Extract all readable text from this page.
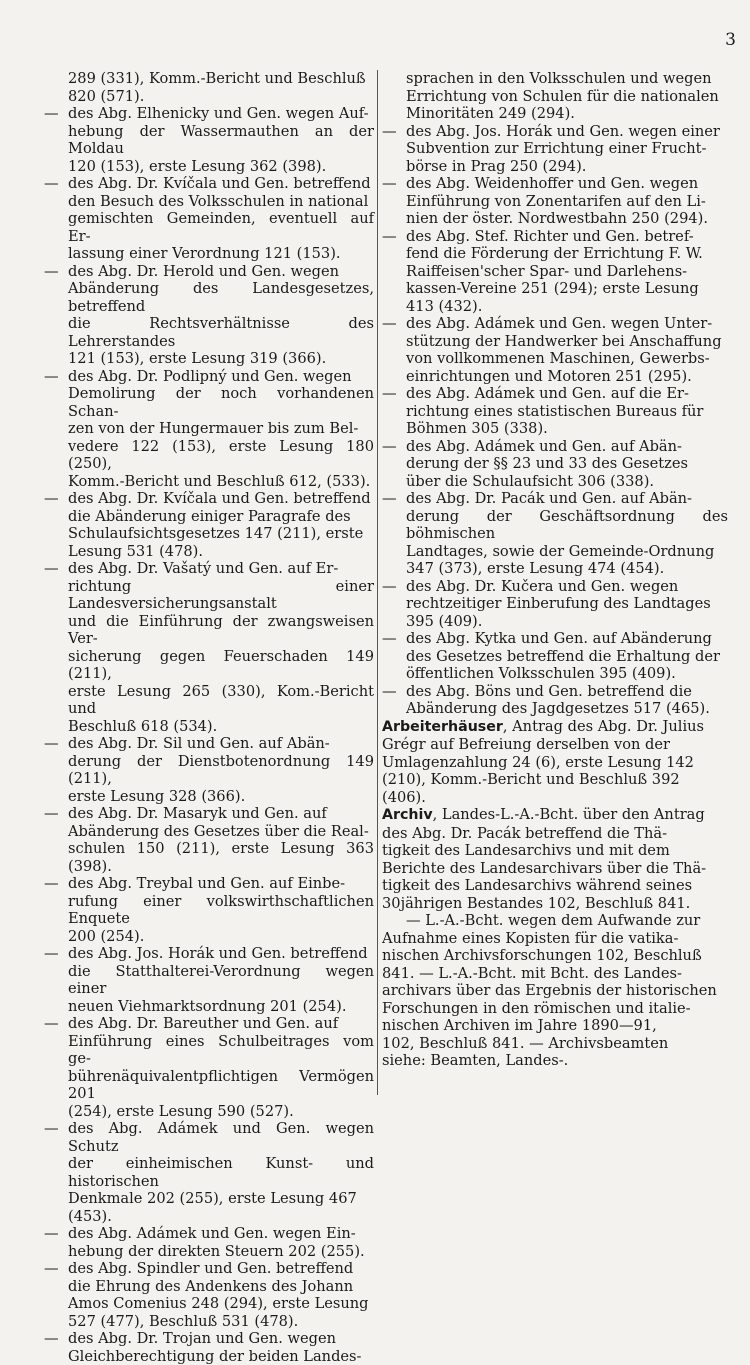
3
289 (331), Komm.-Bericht und Beschluß
820 (571).
— des Abg. Elhenicky und Gen. wegen Auf-
hebung der Wassermauthen an der Moldau
120 (153), erste Lesung 362 (398).
— des Abg. Dr. Kvíčala und Gen. betreffend
den Besuch des Volksschulen in national
gemischten Gemeinden, eventuell auf Er-
lassung einer Verordnung 121 (153).
— des Abg. Dr. Herold und Gen. wegen
Abänderung des Landesgesetzes, betreffend
die Rechtsverhältnisse des Lehrerstandes
121 (153), erste Lesung 319 (366).
— des Abg. Dr. Podlipný und Gen. wegen
Demolirung der noch vorhandenen Schan-
zen von der Hungermauer bis zum Bel-
vedere 122 (153), erste Lesung 180 (250),
Komm.-Bericht und Beschluß 612, (533).
— des Abg. Dr. Kvíčala und Gen. betreffend
die Abänderung einiger Paragrafe des
Schulaufsichtsgesetzes 147 (211), erste
Lesung 531 (478).
— des Abg. Dr. Vašatý und Gen. auf Er-
richtung einer Landesversicherungsanstalt
und die Einführung der zwangsweisen Ver-
sicherung gegen Feuerschaden 149 (211),
erste Lesung 265 (330), Kom.-Bericht und
Beschluß 618 (534).
— des Abg. Dr. Sil und Gen. auf Abän-
derung der Dienstbotenordnung 149 (211),
erste Lesung 328 (366).
— des Abg. Dr. Masaryk und Gen. auf
Abänderung des Gesetzes über die Real-
schulen 150 (211), erste Lesung 363 (398).
— des Abg. Treybal und Gen. auf Einbe-
rufung einer volkswirthschaftlichen Enquete
200 (254).
— des Abg. Jos. Horák und Gen. betreffend
die Statthalterei-Verordnung wegen einer
neuen Viehmarktsordnung 201 (254).
— des Abg. Dr. Bareuther und Gen. auf
Einführung eines Schulbeitrages vom ge-
bührenäquivalentpflichtigen Vermögen 201
(254), erste Lesung 590 (527).
— des Abg. Adámek und Gen. wegen Schutz
der einheimischen Kunst- und historischen
Denkmale 202 (255), erste Lesung 467
(453).
— des Abg. Adámek und Gen. wegen Ein-
hebung der direkten Steuern 202 (255).
— des Abg. Spindler und Gen. betreffend
die Ehrung des Andenkens des Johann
Amos Comenius 248 (294), erste Lesung
527 (477), Beschluß 531 (478).
— des Abg. Dr. Trojan und Gen. wegen
Gleichberechtigung der beiden Landes-
sprachen in den Volksschulen und wegen
Errichtung von Schulen für die nationalen
Minoritäten 249 (294).
— des Abg. Jos. Horák und Gen. wegen einer
Subvention zur Errichtung einer Frucht-
börse in Prag 250 (294).
— des Abg. Weidenhoffer und Gen. wegen
Einführung von Zonentarifen auf den Li-
nien der öster. Nordwestbahn 250 (294).
— des Abg. Stef. Richter und Gen. betref-
fend die Förderung der Errichtung F. W.
Raiffeisen'scher Spar- und Darlehens-
kassen-Vereine 251 (294); erste Lesung
413 (432).
— des Abg. Adámek und Gen. wegen Unter-
stützung der Handwerker bei Anschaffung
von vollkommenen Maschinen, Gewerbs-
einrichtungen und Motoren 251 (295).
— des Abg. Adámek und Gen. auf die Er-
richtung eines statistischen Bureaus für
Böhmen 305 (338).
— des Abg. Adámek und Gen. auf Abän-
derung der §§ 23 und 33 des Gesetzes
über die Schulaufsicht 306 (338).
— des Abg. Dr. Pacák und Gen. auf Abän-
derung der Geschäftsordnung des böhmischen
Landtages, sowie der Gemeinde-Ordnung
347 (373), erste Lesung 474 (454).
— des Abg. Dr. Kučera und Gen. wegen
rechtzeitiger Einberufung des Landtages
395 (409).
— des Abg. Kytka und Gen. auf Abänderung
des Gesetzes betreffend die Erhaltung der
öffentlichen Volksschulen 395 (409).
— des Abg. Böns und Gen. betreffend die
Abänderung des Jagdgesetzes 517 (465).
Arbeiterhäuser, Antrag des Abg. Dr. Julius
Grégr auf Befreiung derselben von der
Umlagenzahlung 24 (6), erste Lesung 142
(210), Komm.-Bericht und Beschluß 392
(406).
Archiv, Landes-L.-A.-Bcht. über den Antrag
des Abg. Dr. Pacák betreffend die Thä-
tigkeit des Landesarchivs und mit dem
Berichte des Landesarchivars über die Thä-
tigkeit des Landesarchivs während seines
30jährigen Bestandes 102, Beschluß 841.
— L.-A.-Bcht. wegen dem Aufwande zur
Aufnahme eines Kopisten für die vatika-
nischen Archivsforschungen 102, Beschluß
841. — L.-A.-Bcht. mit Bcht. des Landes-
archivars über das Ergebnis der historischen
Forschungen in den römischen und italie-
nischen Archiven im Jahre 1890—91,
102, Beschluß 841. — Archivsbeamten
siehe: Beamten, Landes-.
